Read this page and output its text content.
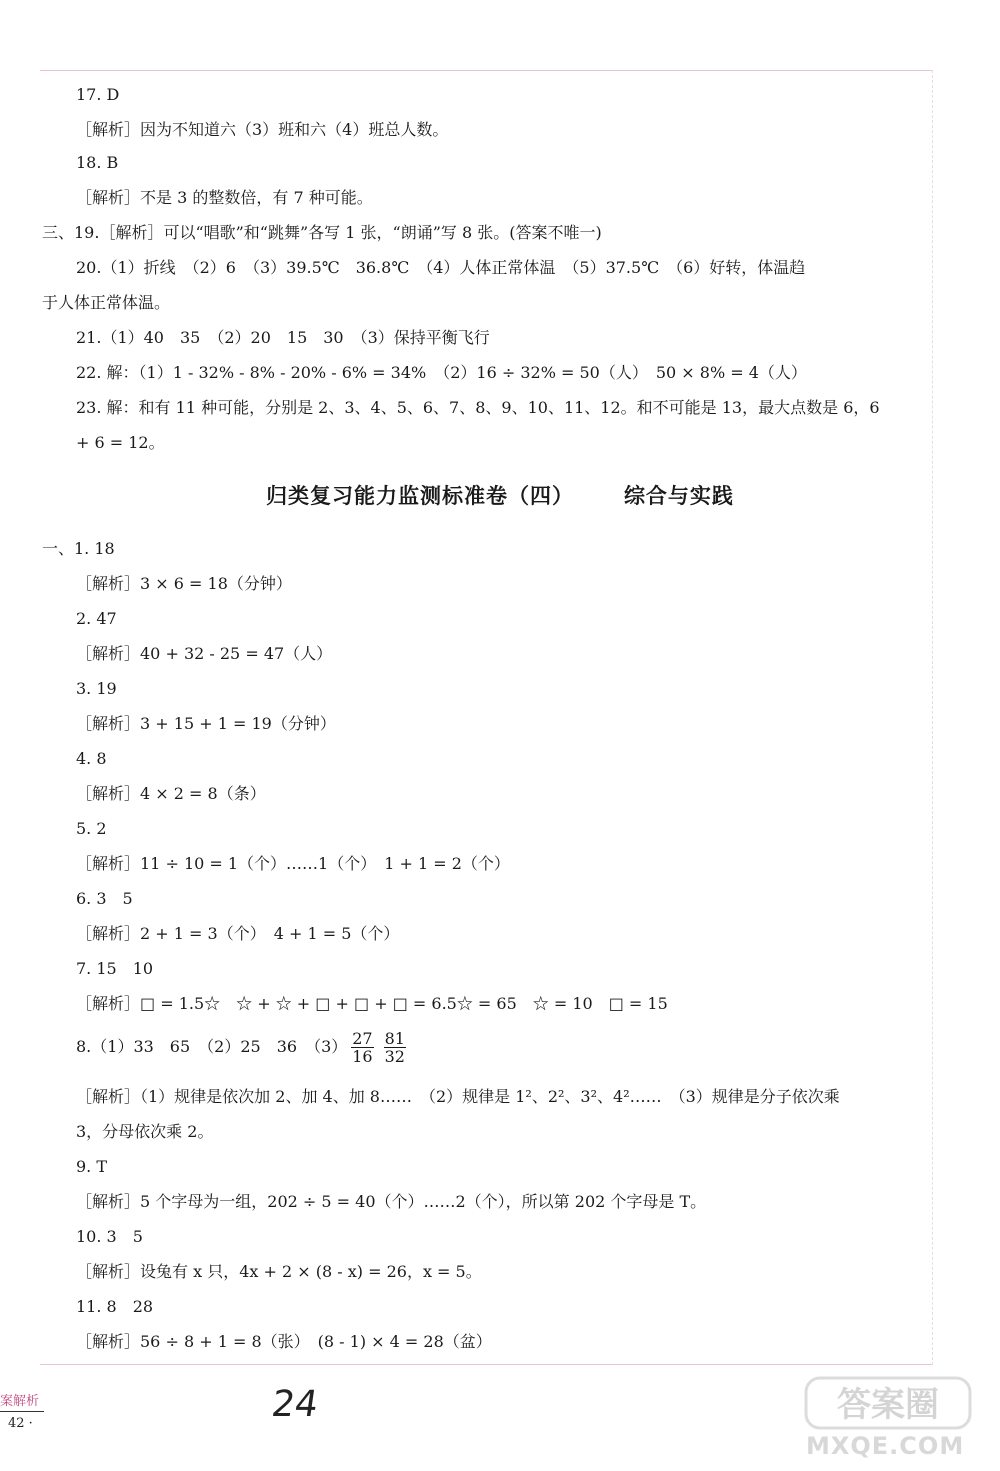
17. D
［解析］因为不知道六（3）班和六（4）班总人数。
18. B
［解析］不是 3 的整数倍，有 7 种可能。
三、19.［解析］可以“唱歌”和“跳舞”各写 1 张，“朗诵”写 8 张。(答案不唯一)
20.（1）折线　（2）6　（3）39.5℃　36.8℃　（4）人体正常体温　（5）37.5℃　（6）好转，体温趋
于人体正常体温。
21.（1）40　35　（2）20　15　30　（3）保持平衡飞行
22. 解：（1）1 - 32% - 8% - 20% - 6% = 34%　（2）16 ÷ 32% = 50（人）　50 × 8% = 4（人）
23. 解：和有 11 种可能，分别是 2、3、4、5、6、7、8、9、10、11、12。和不可能是 13，最大点数是 6，6
+ 6 = 12。
归类复习能力监测标准卷（四） 综合与实践
一、1. 18
［解析］3 × 6 = 18（分钟）
2. 47
［解析］40 + 32 - 25 = 47（人）
3. 19
［解析］3 + 15 + 1 = 19（分钟）
4. 8
［解析］4 × 2 = 8（条）
5. 2
［解析］11 ÷ 10 = 1（个）……1（个）　1 + 1 = 2（个）
6. 3　5
［解析］2 + 1 = 3（个）　4 + 1 = 5（个）
7. 15　10
［解析］□ = 1.5☆　☆ + ☆ + □ + □ + □ = 6.5☆ = 65　☆ = 10　□ = 15
8.（1）33　65　（2）25　36　$(3) \frac{27}{16} \frac{81}{32}$
［解析］（1）规律是依次加 2、加 4、加 8……　（2）规律是 1²、2²、3²、4²……　（3）规律是分子依次乘
3，分母依次乘 2。
9. T
［解析］5 个字母为一组，202 ÷ 5 = 40（个）……2（个），所以第 202 个字母是 T。
10. 3　5
［解析］设兔有 x 只，4x + 2 × (8 - x) = 26，x = 5。
11. 8　28
［解析］56 ÷ 8 + 1 = 8（张）　(8 - 1) × 4 = 28（盆）
案解析
42 ·	24	答案圈
MXQE.COM
